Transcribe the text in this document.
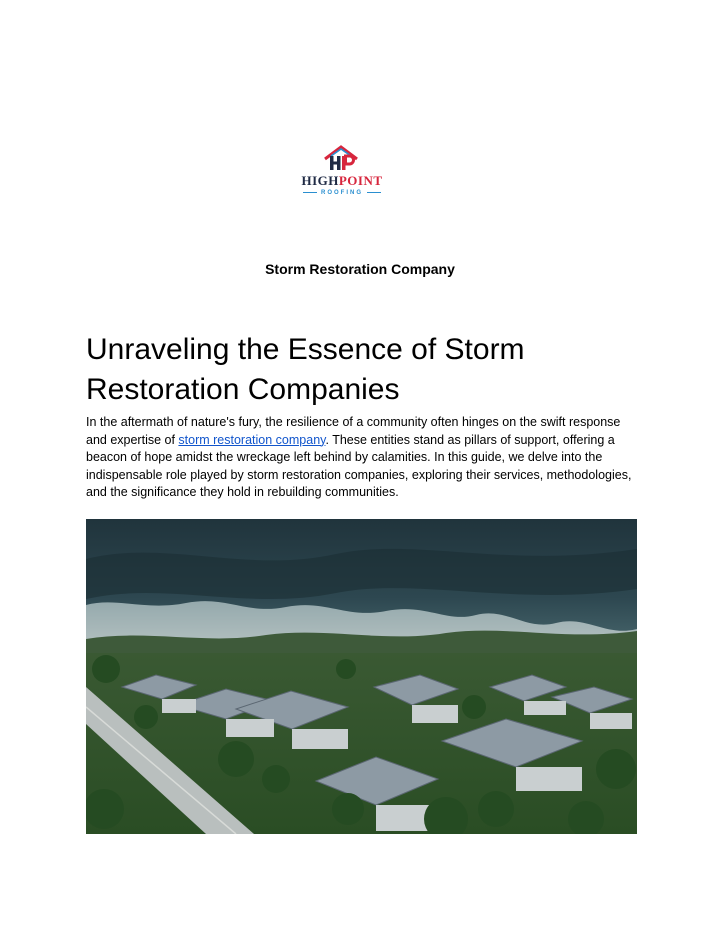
HIGHPOINT
ROOFING
Storm Restoration Company
Unraveling the Essence of Storm Restoration Companies

In the aftermath of nature's fury, the resilience of a community often hinges on the swift response and expertise of storm restoration company. These entities stand as pillars of support, offering a beacon of hope amidst the wreckage left behind by calamities. In this guide, we delve into the indispensable role played by storm restoration companies, exploring their services, methodologies, and the significance they hold in rebuilding communities.
